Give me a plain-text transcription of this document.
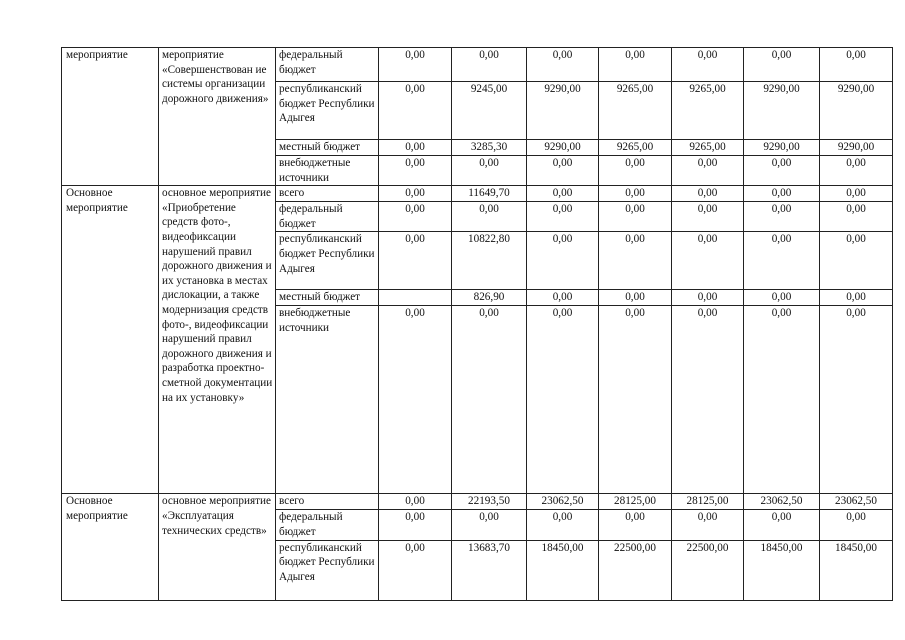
мероприятие	мероприятие «Совершенствован ие системы организации дорожного движения»	федеральный бюджет	0,00	0,00	0,00	0,00	0,00	0,00	0,00
		республиканский бюджет Республики Адыгея	0,00	9245,00	9290,00	9265,00	9265,00	9290,00	9290,00
		местный бюджет	0,00	3285,30	9290,00	9265,00	9265,00	9290,00	9290,00
		внебюджетные источники	0,00	0,00	0,00	0,00	0,00	0,00	0,00
Основное мероприятие	основное мероприятие «Приобретение средств фото-, видеофиксации нарушений правил дорожного движения и их установка в местах дислокации, а также модернизация средств фото-, видеофиксации нарушений правил дорожного движения и разработка проектно-сметной документации на их установку»	всего	0,00	11649,70	0,00	0,00	0,00	0,00	0,00
		федеральный бюджет	0,00	0,00	0,00	0,00	0,00	0,00	0,00
		республиканский бюджет Республики Адыгея	0,00	10822,80	0,00	0,00	0,00	0,00	0,00
		местный бюджет		826,90	0,00	0,00	0,00	0,00	0,00
		внебюджетные источники	0,00	0,00	0,00	0,00	0,00	0,00	0,00
Основное мероприятие	основное мероприятие «Эксплуатация технических средств»	всего	0,00	22193,50	23062,50	28125,00	28125,00	23062,50	23062,50
		федеральный бюджет	0,00	0,00	0,00	0,00	0,00	0,00	0,00
		республиканский бюджет Республики Адыгея	0,00	13683,70	18450,00	22500,00	22500,00	18450,00	18450,00
